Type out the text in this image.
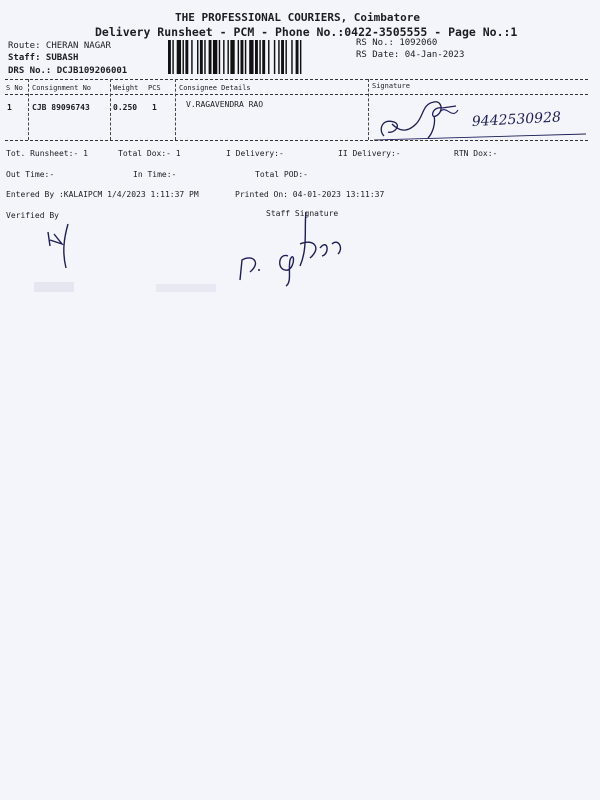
THE PROFESSIONAL COURIERS, Coimbatore
Delivery Runsheet - PCM - Phone No.:0422-3505555 - Page No.:1
Route: CHERAN NAGAR
Staff: SUBASH
DRS No.: DCJB109206001
RS No.: 1092060
RS Date: 04-Jan-2023
S No Consignment No	Weight PCS	Consignee Details	Signature
1	CJB 89096743	0.250 1	V.RAGAVENDRA RAO
9442530928
Tot. Runsheet:- 1	Total Dox:- 1	I Delivery:-	II Delivery:-	RTN Dox:-
Out Time:-	In Time:-	Total POD:-
Entered By :KALAIPCM 1/4/2023 1:11:37 PM	Printed On: 04-01-2023 13:11:37
Verified By	Staff Signature
